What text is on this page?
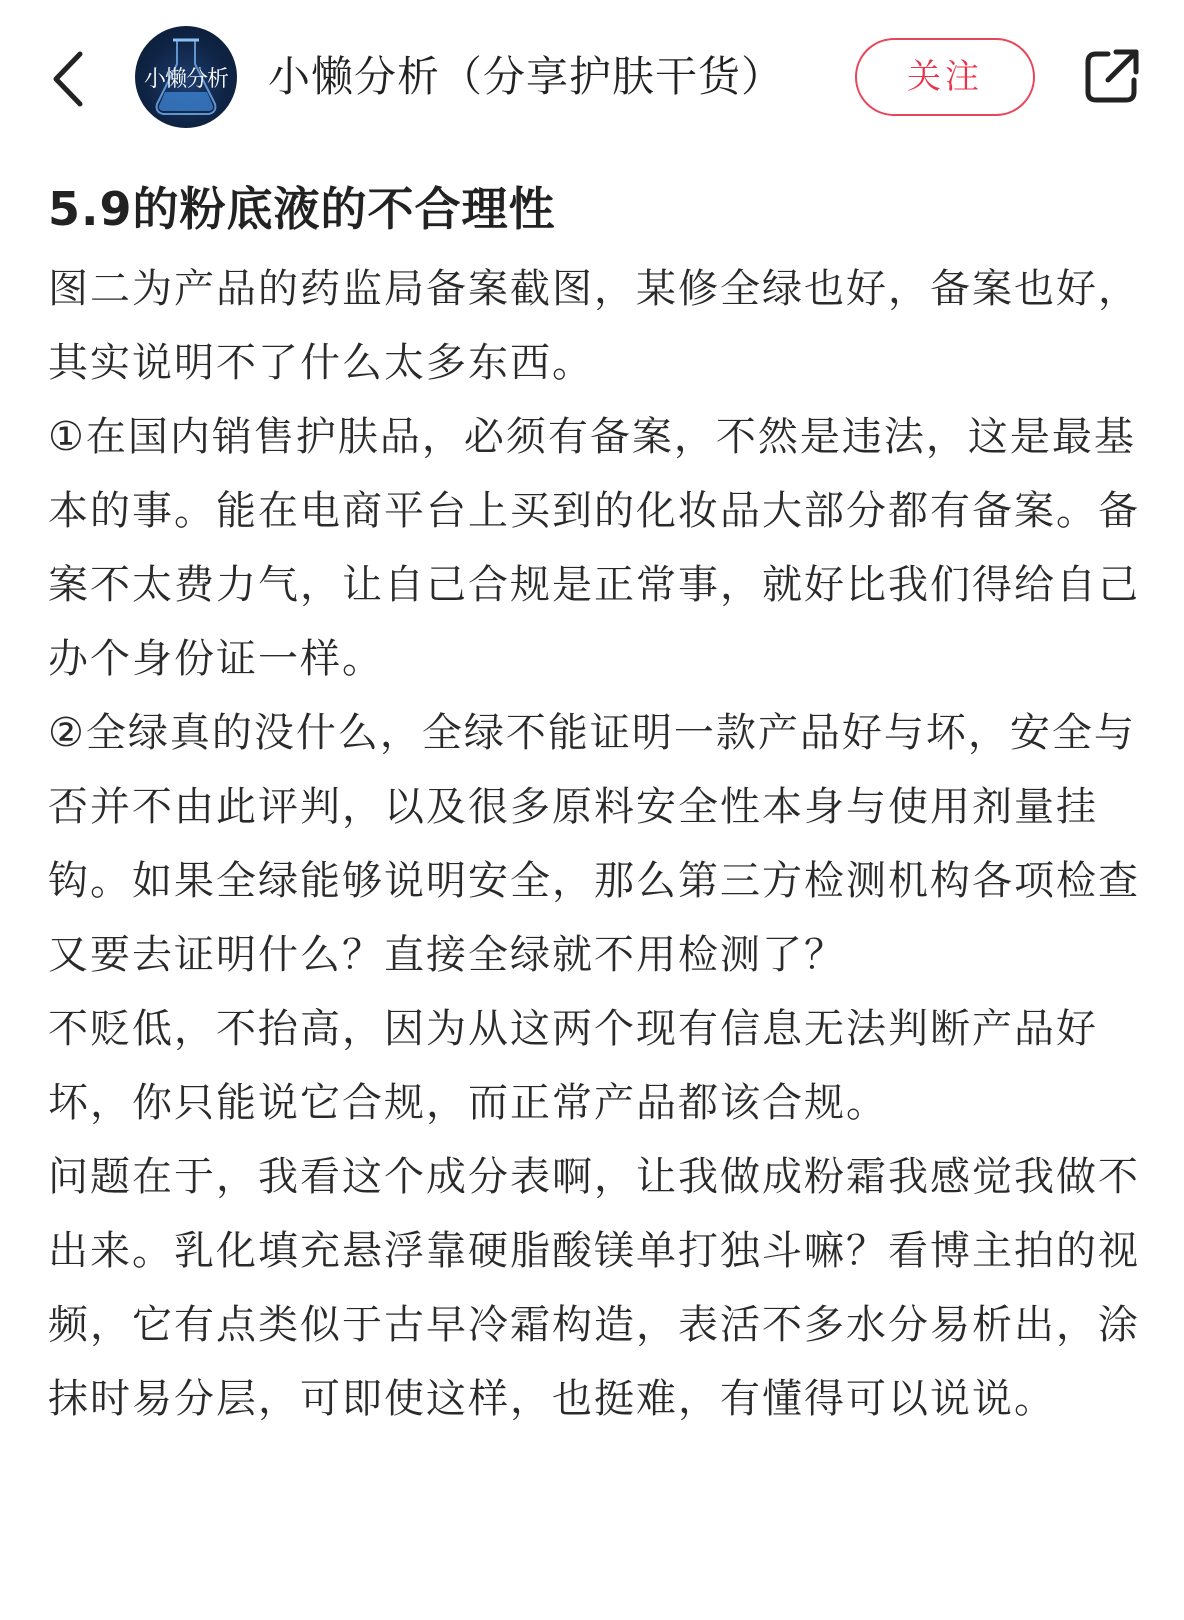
小懒分析 小懒分析（分享护肤干货）	关注
5.9的粉底液的不合理性

图二为产品的药监局备案截图，某修全绿也好，备案也好，其实说明不了什么太多东西。

①在国内销售护肤品，必须有备案，不然是违法，这是最基本的事。能在电商平台上买到的化妆品大部分都有备案。备案不太费力气，让自己合规是正常事，就好比我们得给自己办个身份证一样。

②全绿真的没什么，全绿不能证明一款产品好与坏，安全与否并不由此评判，以及很多原料安全性本身与使用剂量挂钩。如果全绿能够说明安全，那么第三方检测机构各项检查又要去证明什么？直接全绿就不用检测了？

不贬低，不抬高，因为从这两个现有信息无法判断产品好坏，你只能说它合规，而正常产品都该合规。

问题在于，我看这个成分表啊，让我做成粉霜我感觉我做不出来。乳化填充悬浮靠硬脂酸镁单打独斗嘛？看博主拍的视频，它有点类似于古早冷霜构造，表活不多水分易析出，涂抹时易分层，可即使这样，也挺难，有懂得可以说说。
